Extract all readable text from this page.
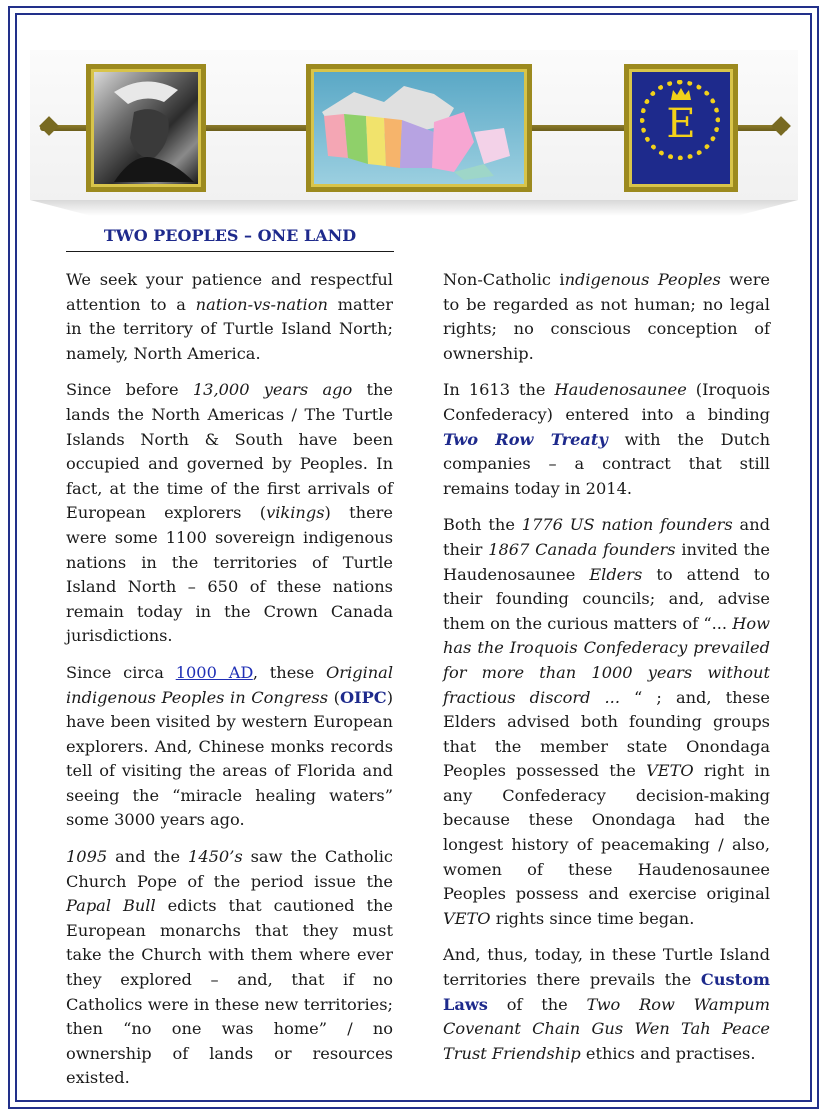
E
TWO PEOPLES – ONE LAND

We seek your patience and respectful attention to a nation-vs-nation matter in the territory of Turtle Island North; namely, North America.

Since before 13,000 years ago the lands the North Americas / The Turtle Islands North & South have been occupied and governed by Peoples. In fact, at the time of the first arrivals of European explorers (vikings) there were some 1100 sovereign indigenous nations in the territories of Turtle Island North – 650 of these nations remain today in the Crown Canada jurisdictions.

Since circa 1000 AD, these Original indigenous Peoples in Congress (OIPC) have been visited by western European explorers. And, Chinese monks records tell of visiting the areas of Florida and seeing the “miracle healing waters” some 3000 years ago.

1095 and the 1450’s saw the Catholic Church Pope of the period issue the Papal Bull edicts that cautioned the European monarchs that they must take the Church with them where ever they explored – and, that if no Catholics were in these new territories; then “no one was home” / no ownership of lands or resources existed.

Non-Catholic indigenous Peoples were to be regarded as not human; no legal rights; no conscious conception of ownership.

In 1613 the Haudenosaunee (Iroquois Confederacy) entered into a binding Two Row Treaty with the Dutch companies – a contract that still remains today in 2014.

Both the 1776 US nation founders and their 1867 Canada founders invited the Haudenosaunee Elders to attend to their founding councils; and, advise them on the curious matters of “... How has the Iroquois Confederacy prevailed for more than 1000 years without fractious discord ... “ ; and, these Elders advised both founding groups that the member state Onondaga Peoples possessed the VETO right in any Confederacy decision-making because these Onondaga had the longest history of peacemaking / also, women of these Haudenosaunee Peoples possess and exercise original VETO rights since time began.

And, thus, today, in these Turtle Island territories there prevails the Custom Laws of the Two Row Wampum Covenant Chain Gus Wen Tah Peace Trust Friendship ethics and practises.
